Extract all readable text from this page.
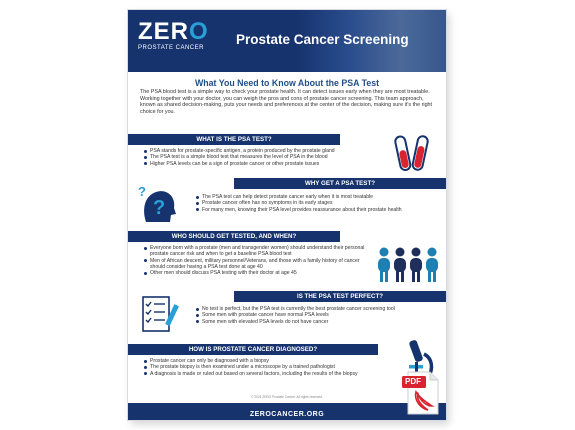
ZERO
PROSTATE CANCER
Prostate Cancer Screening
What You Need to Know About the PSA Test
The PSA blood test is a simple way to check your prostate health. It can detect issues early when they are most treatable. Working together with your doctor, you can weigh the pros and cons of prostate cancer screening. This team approach, known as shared decision-making, puts your needs and preferences at the center of the decision, making sure it’s the right choice for you.
WHAT IS THE PSA TEST?
PSA stands for prostate-specific antigen, a protein produced by the prostate gland
The PSA test is a simple blood test that measures the level of PSA in the blood
Higher PSA levels can be a sign of prostate cancer or other prostate issues
WHY GET A PSA TEST?
?
?	The PSA test can help detect prostate cancer early when it is most treatable
Prostate cancer often has no symptoms in its early stages
For many men, knowing their PSA level provides reassurance about their prostate health
WHO SHOULD GET TESTED, AND WHEN?
Everyone born with a prostate (men and transgender women) should understand their personal prostate cancer risk and when to get a baseline PSA blood test
Men of African descent, military personnel/Veterans, and those with a family history of cancer should consider having a PSA test done at age 40
Other men should discuss PSA testing with their doctor at age 45
IS THE PSA TEST PERFECT?
No test is perfect, but the PSA test is currently the best prostate cancer screening tool
Some men with prostate cancer have normal PSA levels
Some men with elevated PSA levels do not have cancer
HOW IS PROSTATE CANCER DIAGNOSED?
Prostate cancer can only be diagnosed with a biopsy
The prostate biopsy is then examined under a microscope by a trained pathologist
A diagnosis is made or ruled out based on several factors, including the results of the biopsy
© 2024 ZERO Prostate Cancer. All rights reserved.
ZEROCANCER.ORG
PDF
